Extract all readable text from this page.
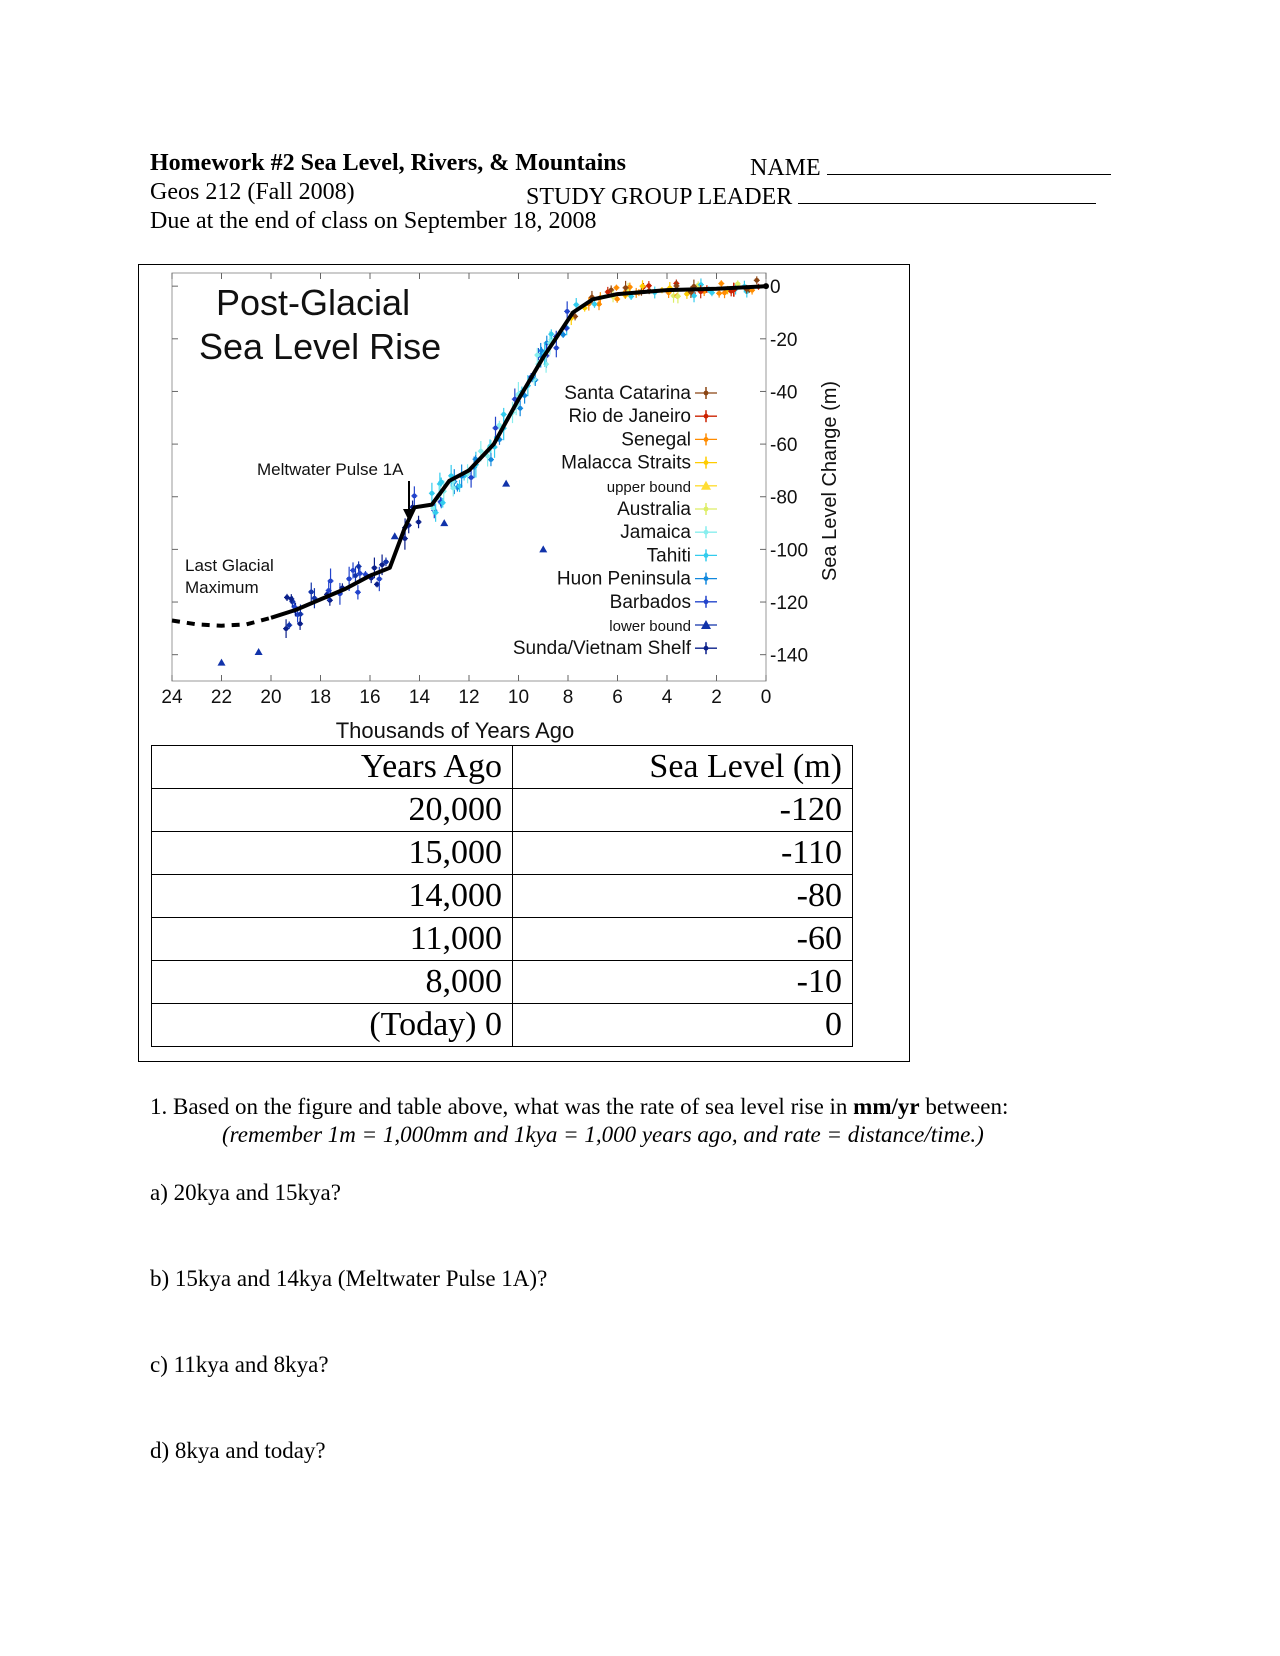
Homework #2 Sea Level, Rivers, & Mountains	NAME
Geos 212 (Fall 2008)	STUDY GROUP LEADER
Due at the end of class on September 18, 2008
Post-Glacial
Sea Level Rise
Meltwater Pulse 1A
Last Glacial
Maximum
Thousands of Years Ago
Sea Level Change (m)
24 22 20 18 16 14 12 10 8 6 4 2 0
0
-20
-40
-60
-80
-100
-120
-140
Santa Catarina
Rio de Janeiro
Senegal
Malacca Straits
upper bound
Australia
Jamaica
Tahiti
Huon Peninsula
Barbados
lower bound
Sunda/Vietnam Shelf
Years Ago	Sea Level (m)
20,000	-120
15,000	-110
14,000	-80
11,000	-60
8,000	-10
(Today) 0	0
1. Based on the figure and table above, what was the rate of sea level rise in mm/yr between:
(remember 1m = 1,000mm and 1kya = 1,000 years ago, and rate = distance/time.)
a) 20kya and 15kya?
b) 15kya and 14kya (Meltwater Pulse 1A)?
c) 11kya and 8kya?
d) 8kya and today?
